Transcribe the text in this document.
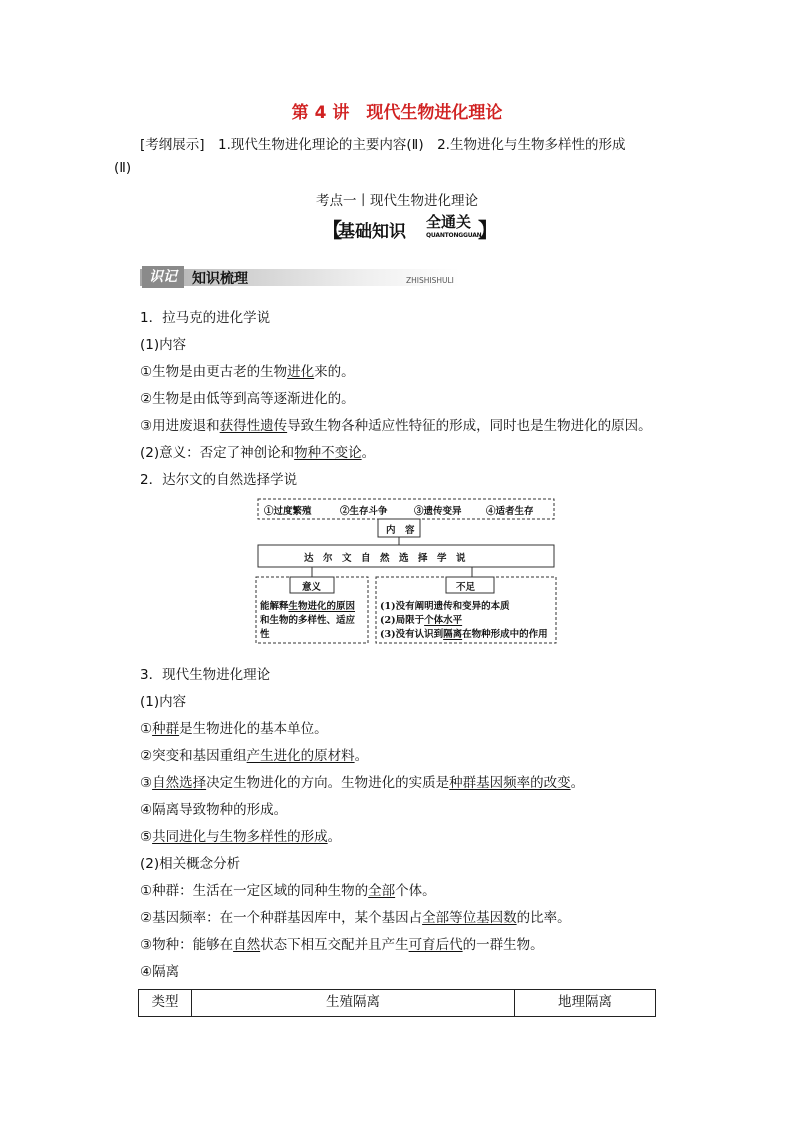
第 4 讲　现代生物进化理论
[考纲展示]　1.现代生物进化理论的主要内容(Ⅱ)　2.生物进化与生物多样性的形成
(Ⅱ)
考点一丨现代生物进化理论
【
基础知识 全通关
QUANTONGGUAN
】
识记	知识梳理	ZHISHISHULI
1．拉马克的进化学说
(1)内容
①生物是由更古老的生物进化来的。
②生物是由低等到高等逐渐进化的。
③用进废退和获得性遗传导致生物各种适应性特征的形成，同时也是生物进化的原因。
(2)意义：否定了神创论和物种不变论。
2．达尔文的自然选择学说
①过度繁殖	②生存斗争	③遗传变异	④适者生存
内　容
达　尔　文　自　然　选　择　学　说
意义
能解释生物进化的原因
和生物的多样性、适应
性
不足
(1)没有阐明遗传和变异的本质
(2)局限于个体水平
(3)没有认识到隔离在物种形成中的作用
3．现代生物进化理论
(1)内容
①种群是生物进化的基本单位。
②突变和基因重组产生进化的原材料。
③自然选择决定生物进化的方向。生物进化的实质是种群基因频率的改变。
④隔离导致物种的形成。
⑤共同进化与生物多样性的形成。
(2)相关概念分析
①种群：生活在一定区域的同种生物的全部个体。
②基因频率：在一个种群基因库中，某个基因占全部等位基因数的比率。
③物种：能够在自然状态下相互交配并且产生可育后代的一群生物。
④隔离
类型	生殖隔离	地理隔离
